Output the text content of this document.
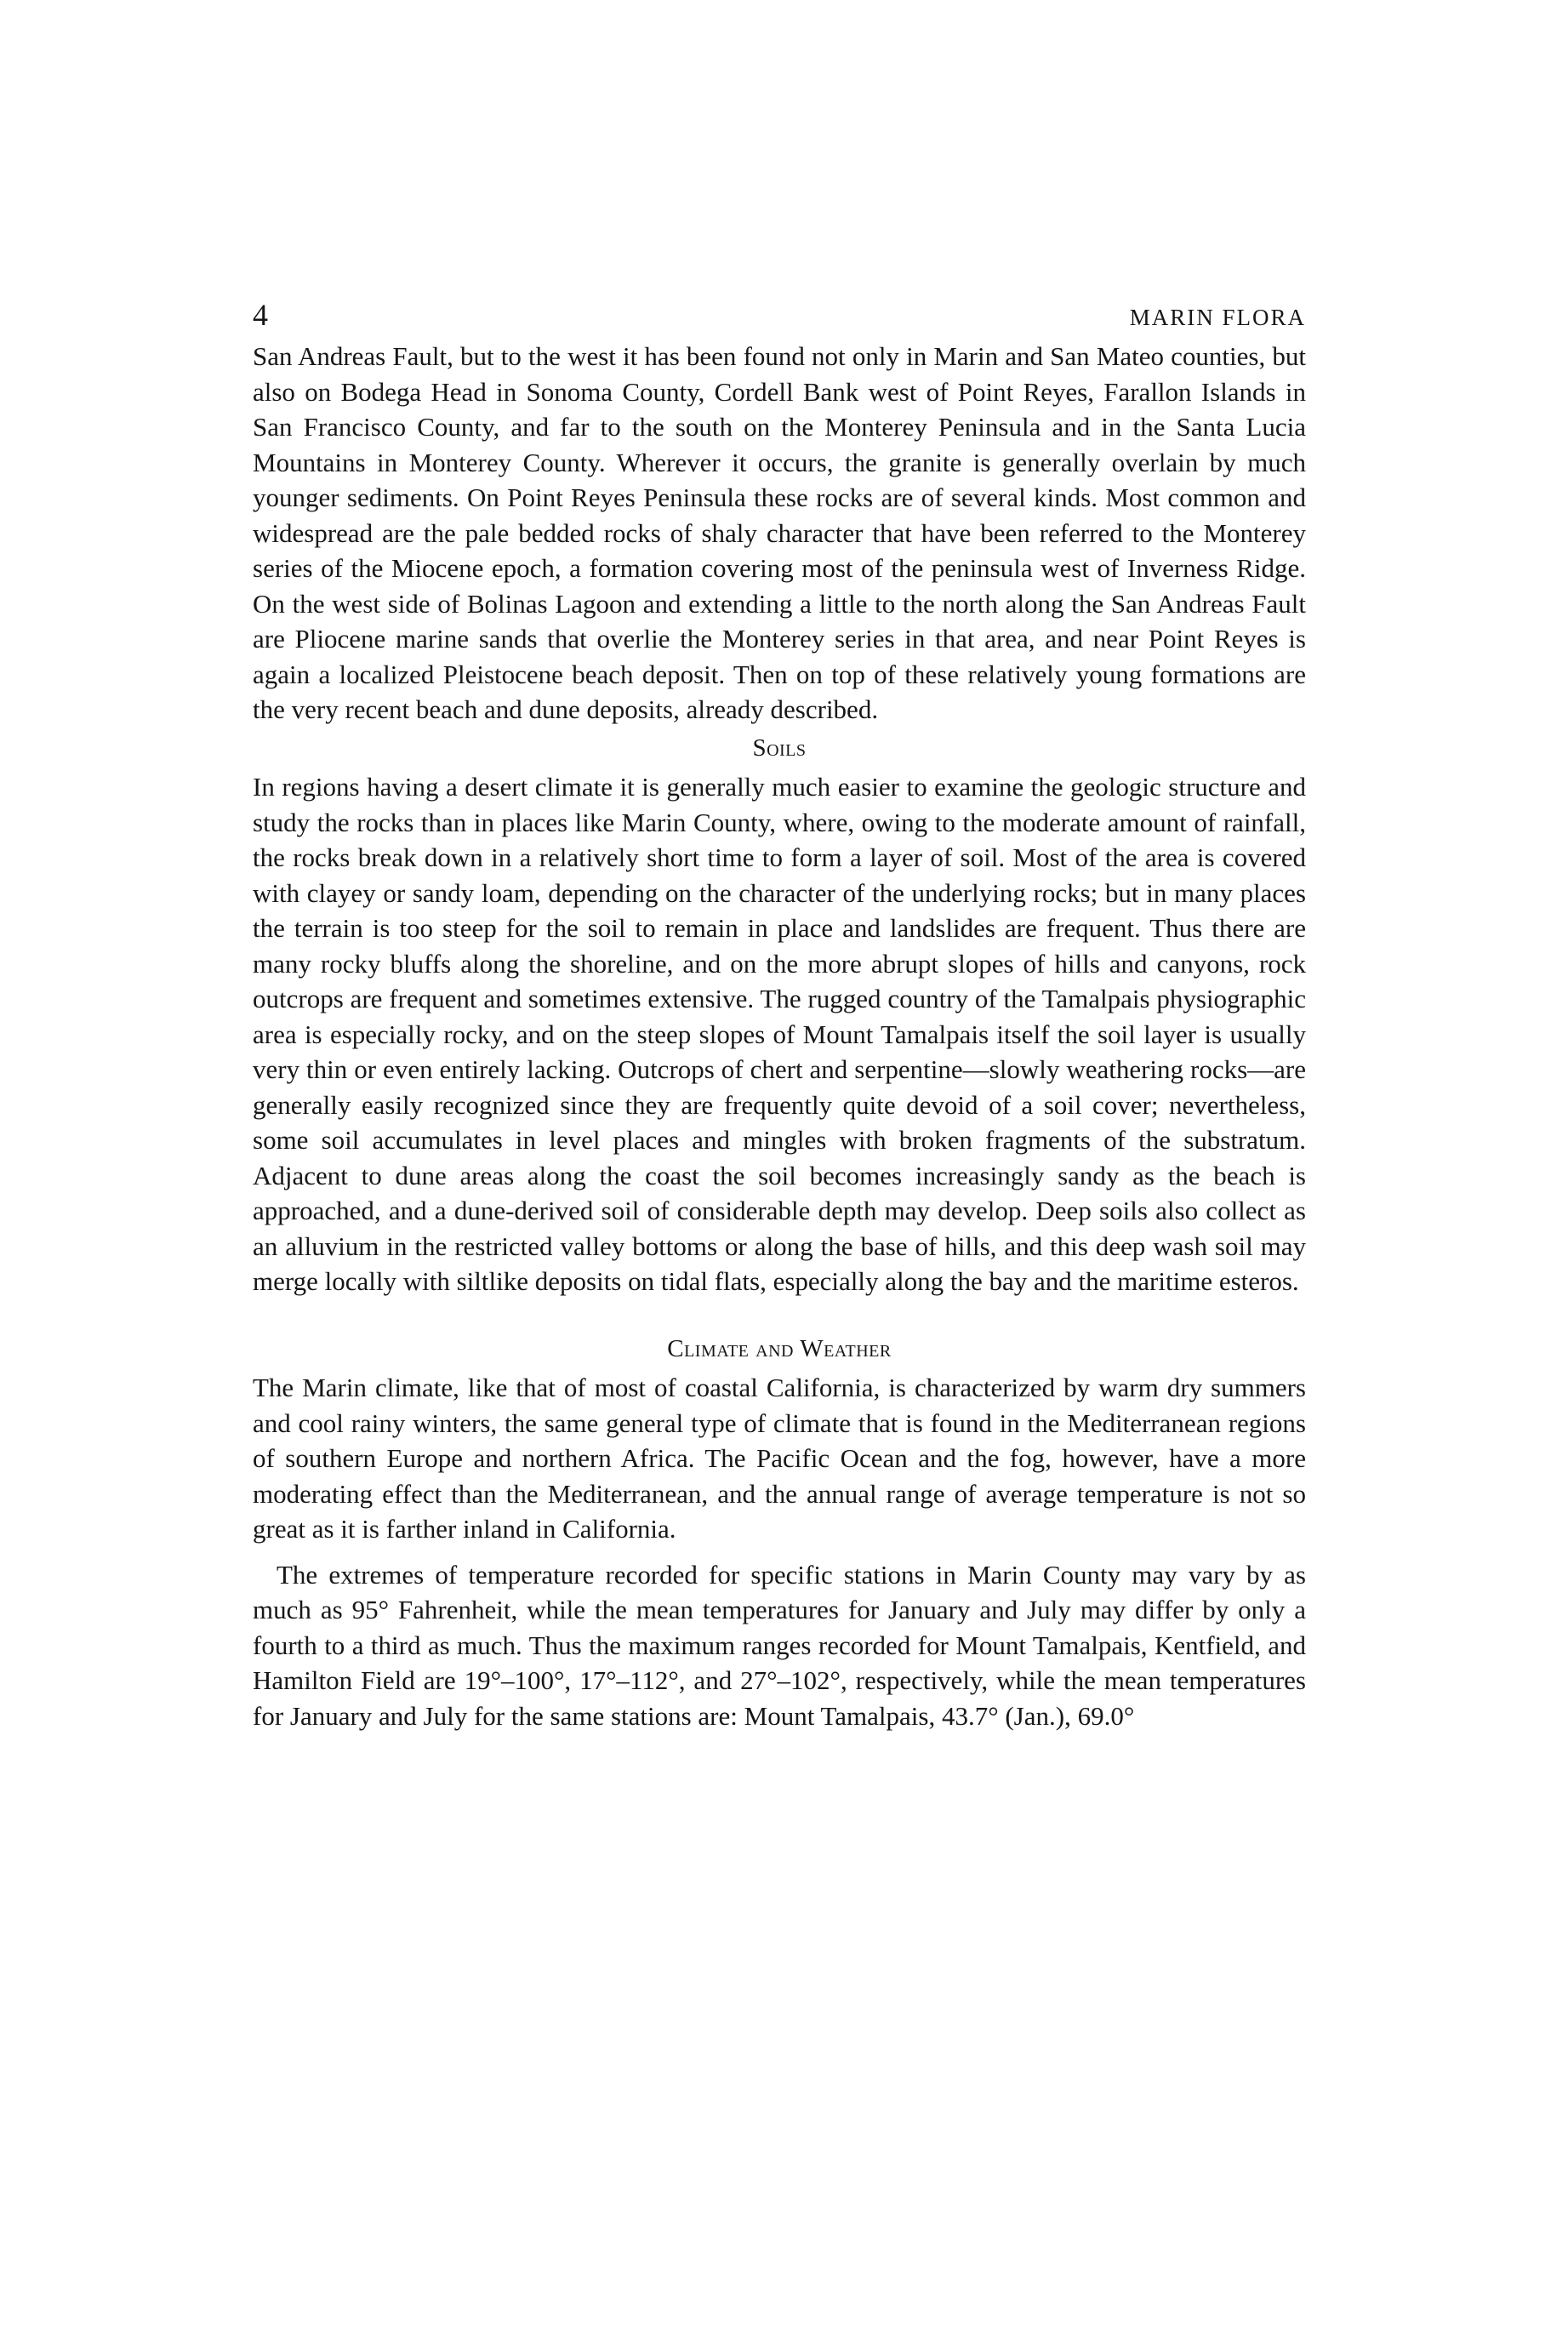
4	MARIN FLORA

San Andreas Fault, but to the west it has been found not only in Marin and San Mateo counties, but also on Bodega Head in Sonoma County, Cordell Bank west of Point Reyes, Farallon Islands in San Francisco County, and far to the south on the Monterey Peninsula and in the Santa Lucia Mountains in Monterey County. Wherever it occurs, the granite is generally overlain by much younger sediments. On Point Reyes Peninsula these rocks are of several kinds. Most common and widespread are the pale bedded rocks of shaly character that have been referred to the Monterey series of the Miocene epoch, a formation covering most of the peninsula west of Inverness Ridge. On the west side of Bolinas Lagoon and extending a little to the north along the San Andreas Fault are Pliocene marine sands that overlie the Monterey series in that area, and near Point Reyes is again a localized Pleistocene beach deposit. Then on top of these relatively young formations are the very recent beach and dune deposits, already described.

Soils

In regions having a desert climate it is generally much easier to examine the geologic structure and study the rocks than in places like Marin County, where, owing to the moderate amount of rainfall, the rocks break down in a relatively short time to form a layer of soil. Most of the area is covered with clayey or sandy loam, depending on the character of the underlying rocks; but in many places the terrain is too steep for the soil to remain in place and landslides are frequent. Thus there are many rocky bluffs along the shoreline, and on the more abrupt slopes of hills and canyons, rock outcrops are frequent and sometimes extensive. The rugged country of the Tamalpais physiographic area is especially rocky, and on the steep slopes of Mount Tamalpais itself the soil layer is usually very thin or even entirely lacking. Outcrops of chert and serpentine—slowly weathering rocks—are generally easily recognized since they are frequently quite devoid of a soil cover; nevertheless, some soil accumulates in level places and mingles with broken fragments of the substratum. Adjacent to dune areas along the coast the soil becomes increasingly sandy as the beach is approached, and a dune-derived soil of considerable depth may develop. Deep soils also collect as an alluvium in the restricted valley bottoms or along the base of hills, and this deep wash soil may merge locally with siltlike deposits on tidal flats, especially along the bay and the maritime esteros.

Climate and Weather

The Marin climate, like that of most of coastal California, is characterized by warm dry summers and cool rainy winters, the same general type of climate that is found in the Mediterranean regions of southern Europe and northern Africa. The Pacific Ocean and the fog, however, have a more moderating effect than the Mediterranean, and the annual range of average temperature is not so great as it is farther inland in California.

The extremes of temperature recorded for specific stations in Marin County may vary by as much as 95° Fahrenheit, while the mean temperatures for January and July may differ by only a fourth to a third as much. Thus the maximum ranges recorded for Mount Tamalpais, Kentfield, and Hamilton Field are 19°–100°, 17°–112°, and 27°–102°, respectively, while the mean temperatures for January and July for the same stations are: Mount Tamalpais, 43.7° (Jan.), 69.0°
